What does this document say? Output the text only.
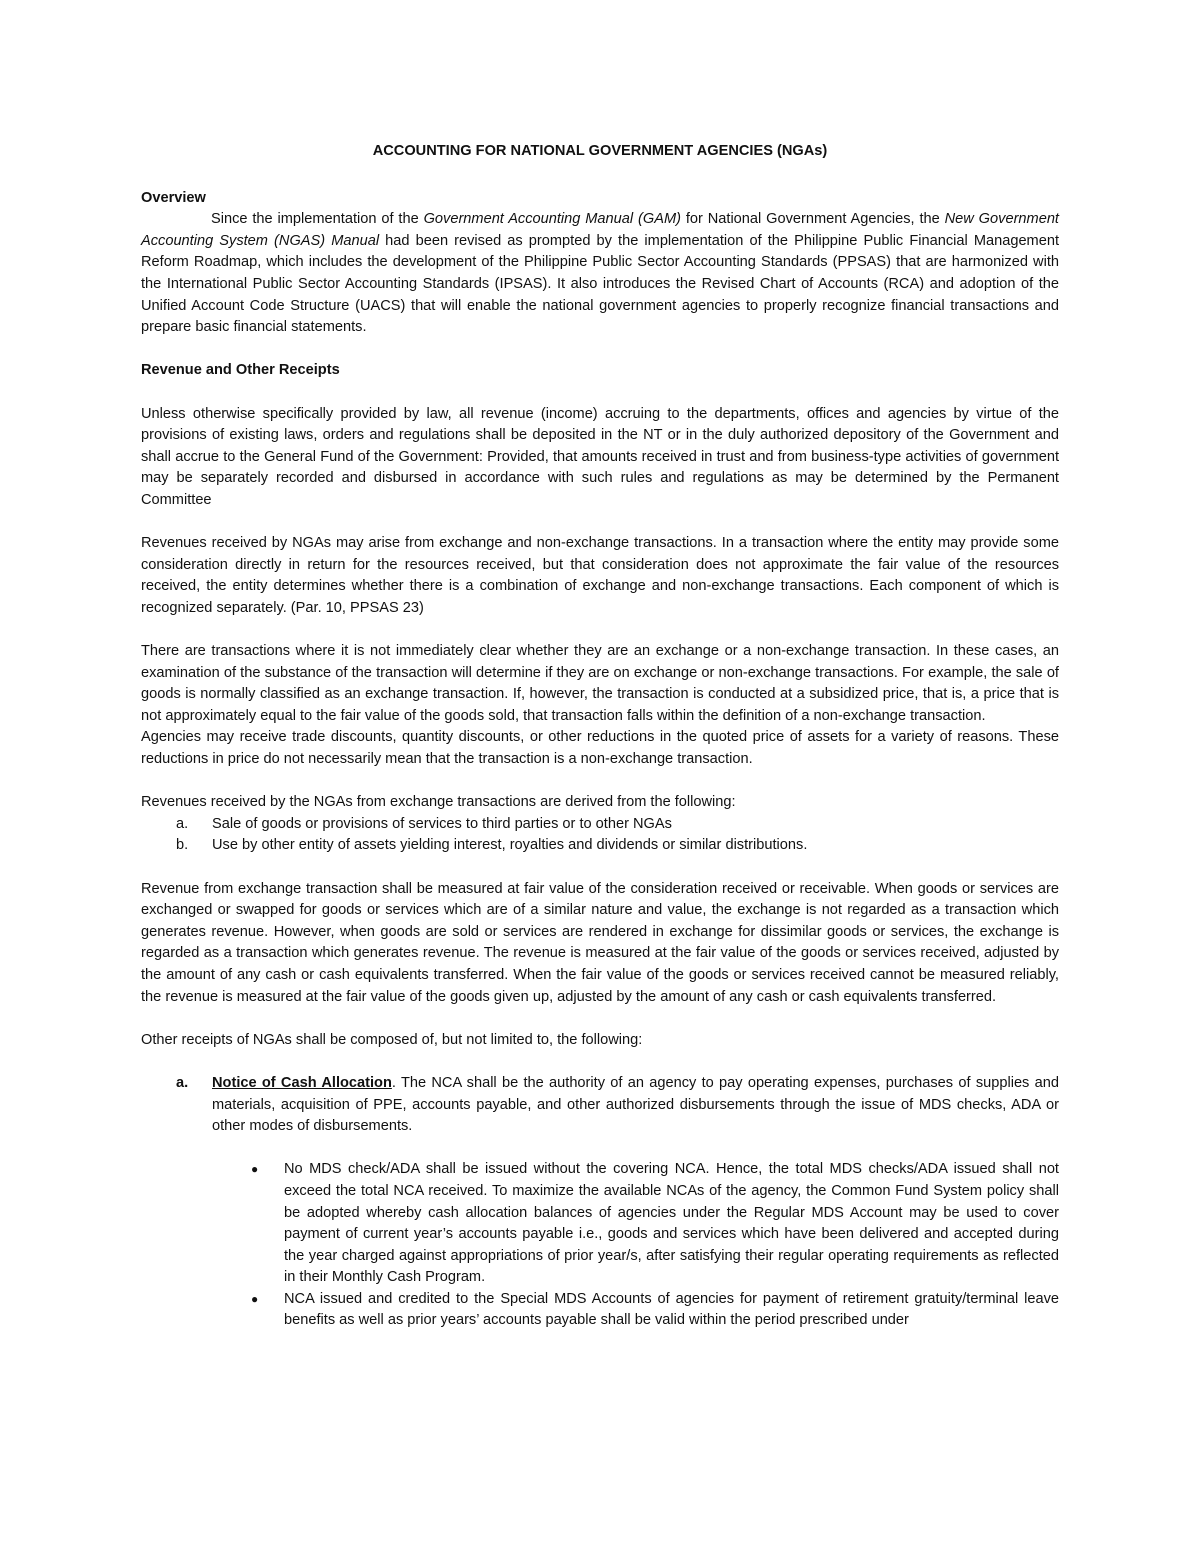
ACCOUNTING FOR NATIONAL GOVERNMENT AGENCIES (NGAs)
Overview

Since the implementation of the Government Accounting Manual (GAM) for National Government Agencies, the New Government Accounting System (NGAS) Manual had been revised as prompted by the implementation of the Philippine Public Financial Management Reform Roadmap, which includes the development of the Philippine Public Sector Accounting Standards (PPSAS) that are harmonized with the International Public Sector Accounting Standards (IPSAS). It also introduces the Revised Chart of Accounts (RCA) and adoption of the Unified Account Code Structure (UACS) that will enable the national government agencies to properly recognize financial transactions and prepare basic financial statements.

Revenue and Other Receipts

Unless otherwise specifically provided by law, all revenue (income) accruing to the departments, offices and agencies by virtue of the provisions of existing laws, orders and regulations shall be deposited in the NT or in the duly authorized depository of the Government and shall accrue to the General Fund of the Government: Provided, that amounts received in trust and from business-type activities of government may be separately recorded and disbursed in accordance with such rules and regulations as may be determined by the Permanent Committee

Revenues received by NGAs may arise from exchange and non-exchange transactions. In a transaction where the entity may provide some consideration directly in return for the resources received, but that consideration does not approximate the fair value of the resources received, the entity determines whether there is a combination of exchange and non-exchange transactions. Each component of which is recognized separately. (Par. 10, PPSAS 23)

There are transactions where it is not immediately clear whether they are an exchange or a non-exchange transaction. In these cases, an examination of the substance of the transaction will determine if they are on exchange or non-exchange transactions. For example, the sale of goods is normally classified as an exchange transaction. If, however, the transaction is conducted at a subsidized price, that is, a price that is not approximately equal to the fair value of the goods sold, that transaction falls within the definition of a non-exchange transaction.

Agencies may receive trade discounts, quantity discounts, or other reductions in the quoted price of assets for a variety of reasons. These reductions in price do not necessarily mean that the transaction is a non-exchange transaction.

Revenues received by the NGAs from exchange transactions are derived from the following:

a. Sale of goods or provisions of services to third parties or to other NGAs
b. Use by other entity of assets yielding interest, royalties and dividends or similar distributions.

Revenue from exchange transaction shall be measured at fair value of the consideration received or receivable. When goods or services are exchanged or swapped for goods or services which are of a similar nature and value, the exchange is not regarded as a transaction which generates revenue. However, when goods are sold or services are rendered in exchange for dissimilar goods or services, the exchange is regarded as a transaction which generates revenue. The revenue is measured at the fair value of the goods or services received, adjusted by the amount of any cash or cash equivalents transferred. When the fair value of the goods or services received cannot be measured reliably, the revenue is measured at the fair value of the goods given up, adjusted by the amount of any cash or cash equivalents transferred.

Other receipts of NGAs shall be composed of, but not limited to, the following:

a. Notice of Cash Allocation. The NCA shall be the authority of an agency to pay operating expenses, purchases of supplies and materials, acquisition of PPE, accounts payable, and other authorized disbursements through the issue of MDS checks, ADA or other modes of disbursements.
● No MDS check/ADA shall be issued without the covering NCA. Hence, the total MDS checks/ADA issued shall not exceed the total NCA received. To maximize the available NCAs of the agency, the Common Fund System policy shall be adopted whereby cash allocation balances of agencies under the Regular MDS Account may be used to cover payment of current year’s accounts payable i.e., goods and services which have been delivered and accepted during the year charged against appropriations of prior year/s, after satisfying their regular operating requirements as reflected in their Monthly Cash Program.
● NCA issued and credited to the Special MDS Accounts of agencies for payment of retirement gratuity/terminal leave benefits as well as prior years’ accounts payable shall be valid within the period prescribed under
